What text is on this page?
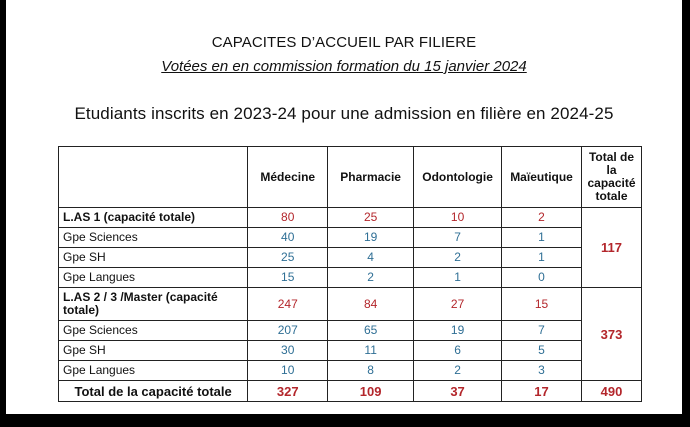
CAPACITES D’ACCUEIL PAR FILIERE
Votées en en commission formation du 15 janvier 2024
Etudiants inscrits en 2023-24 pour une admission en filière en 2024-25
	Médecine	Pharmacie	Odontologie	Maïeutique	Total de la capacité totale
L.AS 1 (capacité totale)	80	25	10	2	117
Gpe Sciences	40	19	7	1	
Gpe SH	25	4	2	1	
Gpe Langues	15	2	1	0	
L.AS 2 / 3 /Master (capacité totale)	247	84	27	15	373
Gpe Sciences	207	65	19	7	
Gpe SH	30	11	6	5	
Gpe Langues	10	8	2	3	
Total de la capacité totale	327	109	37	17	490
